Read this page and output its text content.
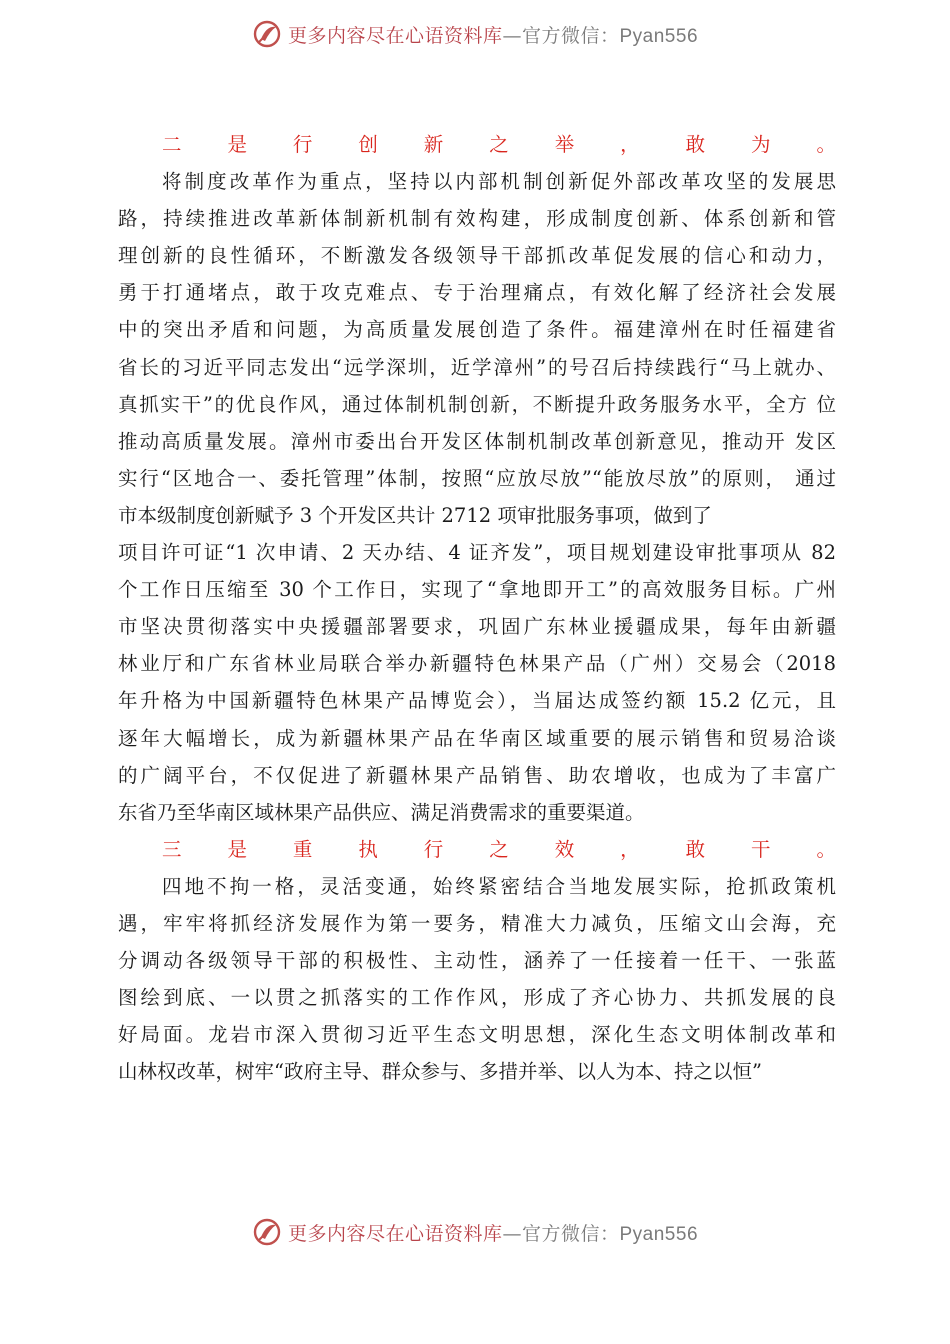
更多内容尽在心语资料库—官方微信：Pyan556
二是行创新之举，敢为。
将制度改革作为重点，坚持以内部机制创新促外部改革攻坚的发展思
路，持续推进改革新体制新机制有效构建，形成制度创新、体系创新和管
理创新的良性循环，不断激发各级领导干部抓改革促发展的信心和动力，
勇于打通堵点，敢于攻克难点、专于治理痛点，有效化解了经济社会发展
中的突出矛盾和问题，为高质量发展创造了条件。福建漳州在时任福建省
省长的习近平同志发出“远学深圳，近学漳州”的号召后持续践行“马上就办、
真抓实干”的优良作风，通过体制机制创新，不断提升政务服务水平，全方 位
推动高质量发展。漳州市委出台开发区体制机制改革创新意见，推动开 发区
实行“区地合一、委托管理”体制，按照“应放尽放”“能放尽放”的原则， 通过
市本级制度创新赋予 3 个开发区共计 2712 项审批服务事项，做到了
项目许可证“1 次申请、2 天办结、4 证齐发”，项目规划建设审批事项从 82
个工作日压缩至 30 个工作日，实现了“拿地即开工”的高效服务目标。广州
市坚决贯彻落实中央援疆部署要求，巩固广东林业援疆成果，每年由新疆
林业厅和广东省林业局联合举办新疆特色林果产品（广州）交易会（2018
年升格为中国新疆特色林果产品博览会），当届达成签约额 15.2 亿元，且
逐年大幅增长，成为新疆林果产品在华南区域重要的展示销售和贸易洽谈
的广阔平台，不仅促进了新疆林果产品销售、助农增收，也成为了丰富广
东省乃至华南区域林果产品供应、满足消费需求的重要渠道。
三是重执行之效，敢干。
四地不拘一格，灵活变通，始终紧密结合当地发展实际，抢抓政策机
遇，牢牢将抓经济发展作为第一要务，精准大力减负，压缩文山会海，充
分调动各级领导干部的积极性、主动性，涵养了一任接着一任干、一张蓝
图绘到底、一以贯之抓落实的工作作风，形成了齐心协力、共抓发展的良
好局面。龙岩市深入贯彻习近平生态文明思想，深化生态文明体制改革和
山林权改革，树牢“政府主导、群众参与、多措并举、以人为本、持之以恒”
更多内容尽在心语资料库—官方微信：Pyan556
